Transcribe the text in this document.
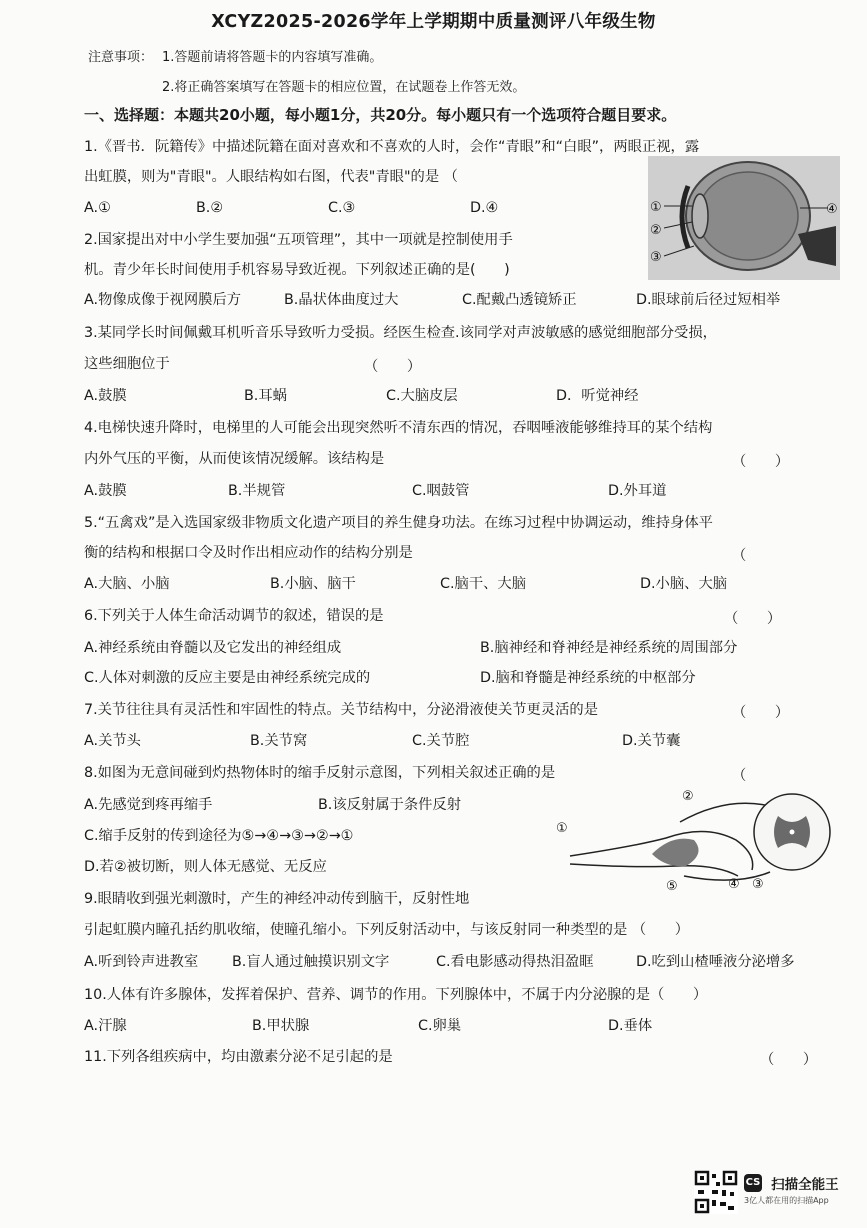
XCYZ2025-2026学年上学期期中质量测评八年级生物
注意事项： 1.答题前请将答题卡的内容填写准确。
2.将正确答案填写在答题卡的相应位置，在试题卷上作答无效。
一、选择题：本题共20小题，每小题1分，共20分。每小题只有一个选项符合题目要求。
1.《晋书．阮籍传》中描述阮籍在面对喜欢和不喜欢的人时，会作“青眼”和“白眼”，两眼正视，露
出虹膜，则为"青眼"。人眼结构如右图，代表"青眼"的是 （
A.①	B.②	C.③	D.④	①
②
③
④
2.国家提出对中小学生要加强“五项管理”，其中一项就是控制使用手
机。青少年长时间使用手机容易导致近视。下列叙述正确的是(　　)
A.物像成像于视网膜后方	B.晶状体曲度过大	C.配戴凸透镜矫正	D.眼球前后径过短相举
3.某同学长时间佩戴耳机听音乐导致听力受损。经医生检查.该同学对声波敏感的感觉细胞部分受损，
这些细胞位于	（　　）
A.鼓膜	B.耳蜗	C.大脑皮层	D．听觉神经
4.电梯快速升降时，电梯里的人可能会出现突然听不清东西的情况，吞咽唾液能够维持耳的某个结构
内外气压的平衡，从而使该情况缓解。该结构是	（　　）
A.鼓膜	B.半规管	C.咽鼓管	D.外耳道
5.“五禽戏”是入选国家级非物质文化遗产项目的养生健身功法。在练习过程中协调运动，维持身体平
衡的结构和根据口令及时作出相应动作的结构分别是	（
A.大脑、小脑	B.小脑、脑干	C.脑干、大脑	D.小脑、大脑
6.下列关于人体生命活动调节的叙述，错误的是	（　　）
A.神经系统由脊髓以及它发出的神经组成	B.脑神经和脊神经是神经系统的周围部分
C.人体对刺激的反应主要是由神经系统完成的	D.脑和脊髓是神经系统的中枢部分
7.关节往往具有灵活性和牢固性的特点。关节结构中，分泌滑液使关节更灵活的是	（　　）
A.关节头	B.关节窝	C.关节腔	D.关节囊
8.如图为无意间碰到灼热物体时的缩手反射示意图，下列相关叙述正确的是	（
A.先感觉到疼再缩手	B.该反射属于条件反射
C.缩手反射的传到途径为⑤→④→③→②→①
D.若②被切断，则人体无感觉、无反应
①
②
③
④
⑤
9.眼睛收到强光刺激时，产生的神经冲动传到脑干，反射性地
引起虹膜内瞳孔括约肌收缩，使瞳孔缩小。下列反射活动中，与该反射同一种类型的是 （　　）
A.听到铃声进教室 B.盲人通过触摸识别文字	C.看电影感动得热泪盈眶	D.吃到山楂唾液分泌增多
10.人体有许多腺体，发挥着保护、营养、调节的作用。下列腺体中，不属于内分泌腺的是（　　）
A.汗腺	B.甲状腺	C.卵巢	D.垂体
11.下列各组疾病中，均由激素分泌不足引起的是	（　　）
CS 扫描全能王
3亿人都在用的扫描App
